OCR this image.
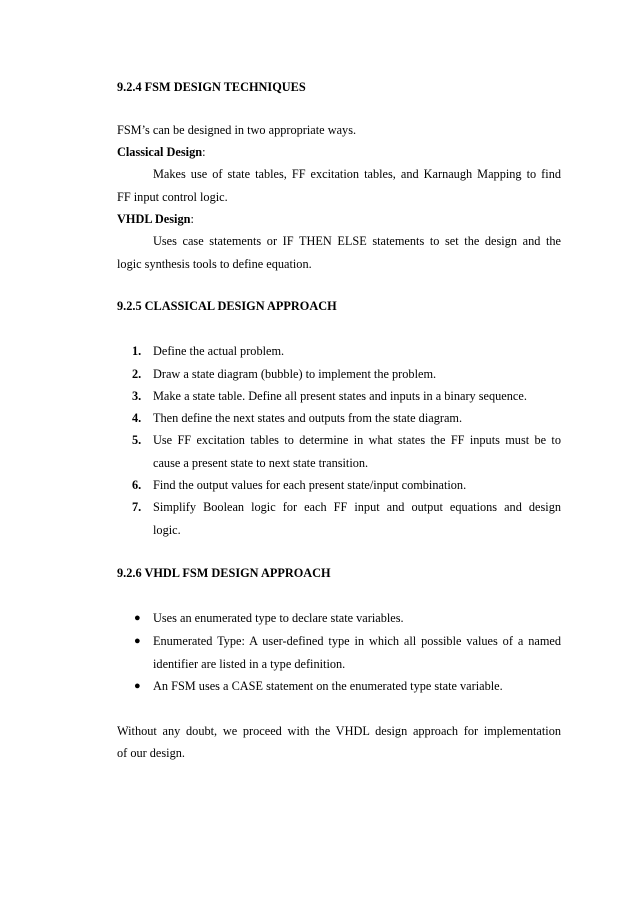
9.2.4 FSM DESIGN TECHNIQUES
FSM’s can be designed in two appropriate ways.
Classical Design:
Makes use of state tables, FF excitation tables, and Karnaugh Mapping to find
FF input control logic.
VHDL Design:
Uses case statements or IF THEN ELSE statements to set the design and the
logic synthesis tools to define equation.
9.2.5 CLASSICAL DESIGN APPROACH
1. Define the actual problem.
2. Draw a state diagram (bubble) to implement the problem.
3. Make a state table. Define all present states and inputs in a binary sequence.
4. Then define the next states and outputs from the state diagram.
5. Use FF excitation tables to determine in what states the FF inputs must be to
cause a present state to next state transition.
6. Find the output values for each present state/input combination.
7. Simplify Boolean logic for each FF input and output equations and design
logic.
9.2.6 VHDL FSM DESIGN APPROACH
● Uses an enumerated type to declare state variables.
● Enumerated Type: A user-defined type in which all possible values of a named
identifier are listed in a type definition.
● An FSM uses a CASE statement on the enumerated type state variable.
Without any doubt, we proceed with the VHDL design approach for implementation
of our design.
